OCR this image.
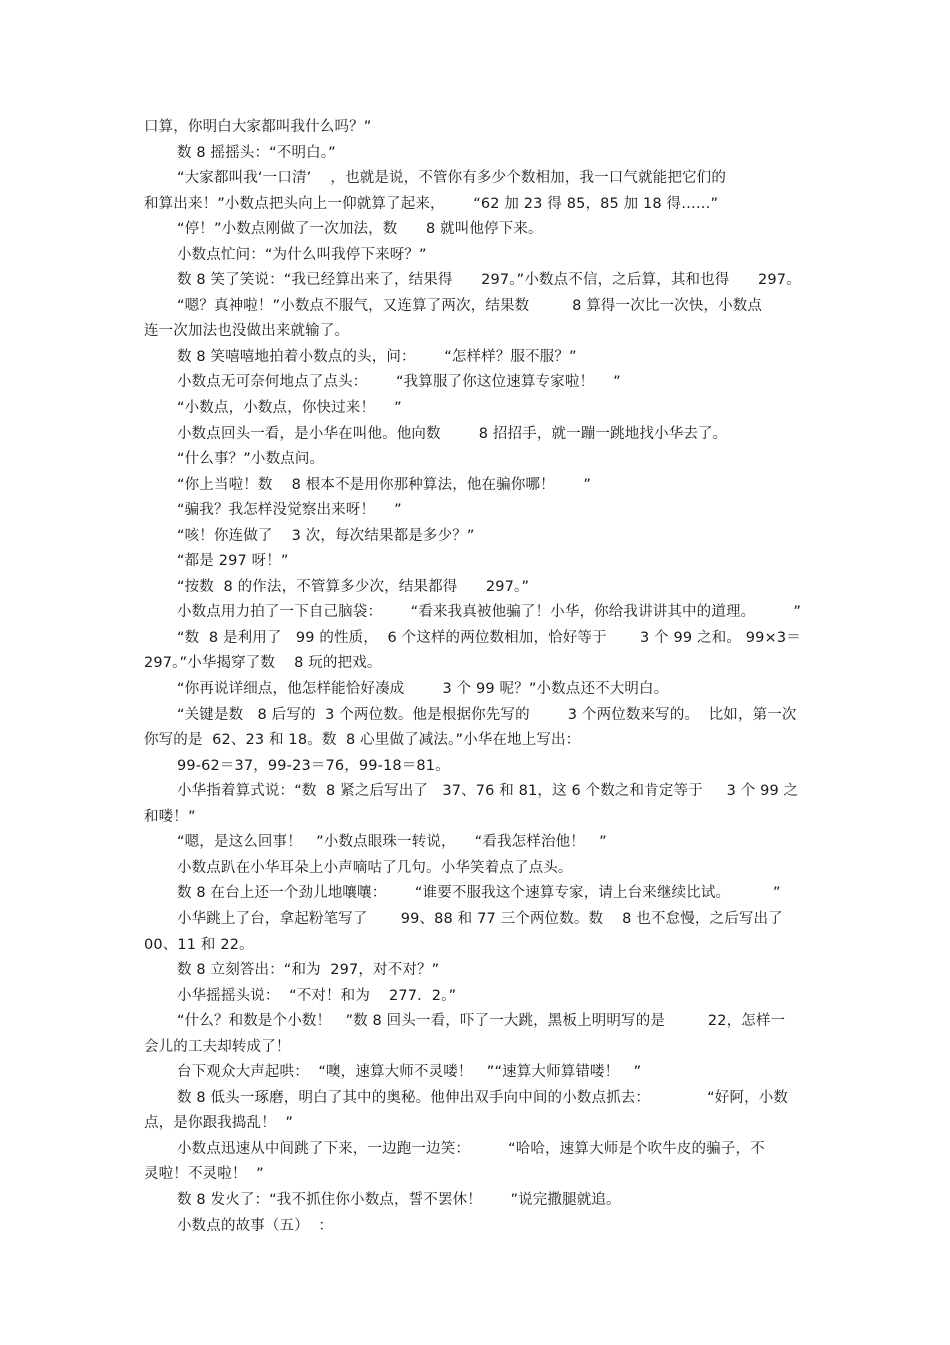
口算，你明白大家都叫我什么吗？”
数 8 摇摇头：“不明白。”
“大家都叫我‘一口清’    ，也就是说，不管你有多少个数相加，我一口气就能把它们的
和算出来！”小数点把头向上一仰就算了起来，      “62 加 23 得 85，85 加 18 得……”
“停！”小数点刚做了一次加法，数      8 就叫他停下来。
小数点忙问：“为什么叫我停下来呀？”
数 8 笑了笑说：“我已经算出来了，结果得      297。”小数点不信，之后算，其和也得      297。
“嗯？真神啦！”小数点不服气，又连算了两次，结果数         8 算得一次比一次快，小数点
连一次加法也没做出来就输了。
数 8 笑嘻嘻地拍着小数点的头，问：      “怎样样？服不服？”
小数点无可奈何地点了点头：      “我算服了你这位速算专家啦！    ”
“小数点，小数点，你快过来！    ”
小数点回头一看，是小华在叫他。他向数        8 招招手，就一蹦一跳地找小华去了。
“什么事？”小数点问。
“你上当啦！数    8 根本不是用你那种算法，他在骗你哪！      ”
“骗我？我怎样没觉察出来呀！    ”
“咳！你连做了    3 次，每次结果都是多少？”
“都是 297 呀！”
“按数  8 的作法，不管算多少次，结果都得      297。”
小数点用力拍了一下自己脑袋：      “看来我真被他骗了！小华，你给我讲讲其中的道理。        ”
“数  8 是利用了   99 的性质，  6 个这样的两位数相加，恰好等于       3 个 99 之和。 99×3＝
297。”小华揭穿了数    8 玩的把戏。
“你再说详细点，他怎样能恰好凑成        3 个 99 呢？”小数点还不大明白。
“关键是数   8 后写的  3 个两位数。他是根据你先写的        3 个两位数来写的。  比如，第一次
你写的是  62、23 和 18。数  8 心里做了减法。”小华在地上写出：
99-62＝37，99-23＝76，99-18＝81。
小华指着算式说：“数  8 紧之后写出了   37、76 和 81，这 6 个数之和肯定等于     3 个 99 之
和喽！”
“嗯，是这么回事！   ”小数点眼珠一转说，    “看我怎样治他！   ”
小数点趴在小华耳朵上小声嘀咕了几句。小华笑着点了点头。
数 8 在台上还一个劲儿地嚷嚷：      “谁要不服我这个速算专家，请上台来继续比试。         ”
小华跳上了台，拿起粉笔写了       99、88 和 77 三个两位数。数    8 也不怠慢，之后写出了
00、11 和 22。
数 8 立刻答出：“和为  297，对不对？”
小华摇摇头说：  “不对！和为    277．2。”
“什么？和数是个小数！   ”数 8 回头一看，吓了一大跳，黑板上明明写的是         22，怎样一
会儿的工夫却转成了！
台下观众大声起哄：  “噢，速算大师不灵喽！   ”“速算大师算错喽！   ”
数 8 低头一琢磨，明白了其中的奥秘。他伸出双手向中间的小数点抓去：            “好阿，小数
点，是你跟我捣乱！  ”
小数点迅速从中间跳了下来，一边跑一边笑：        “哈哈，速算大师是个吹牛皮的骗子，不
灵啦！不灵啦！  ”
数 8 发火了：“我不抓住你小数点，誓不罢休！      ”说完撒腿就追。
小数点的故事（五）  ：
